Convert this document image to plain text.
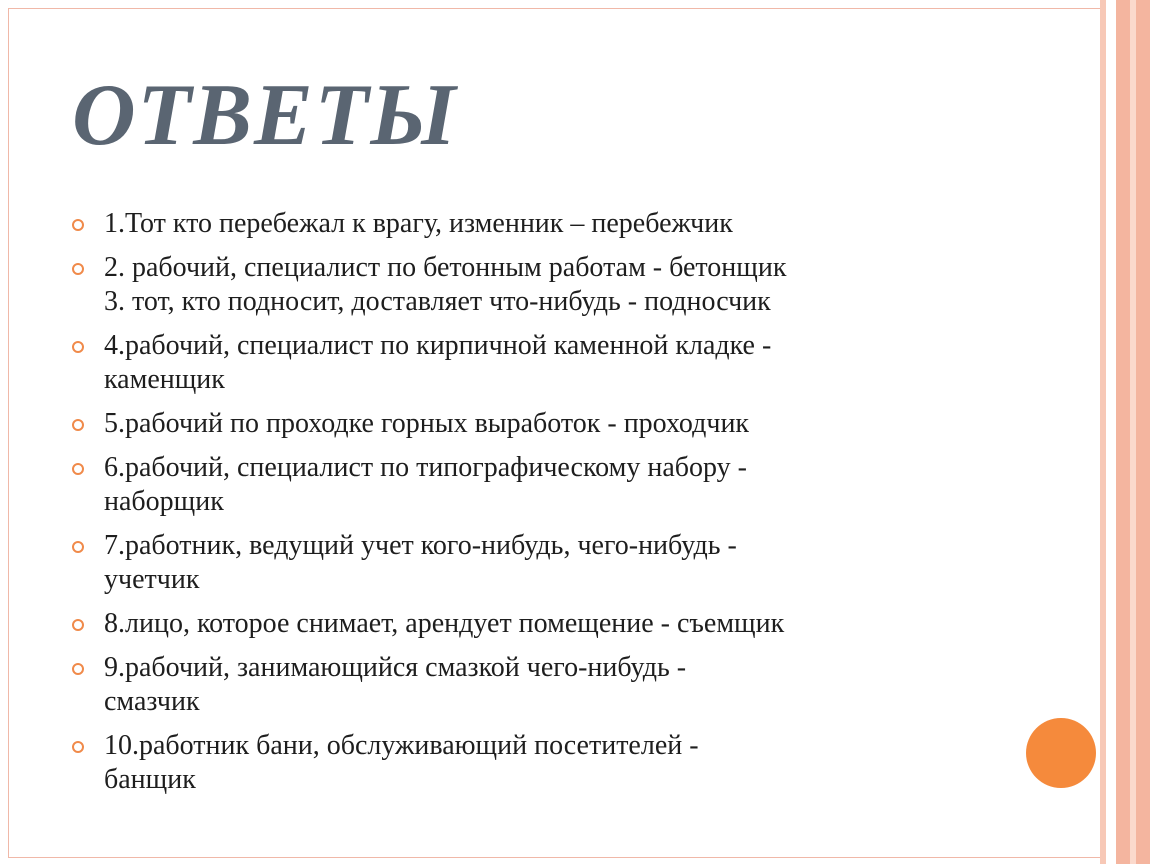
ОТВЕТЫ
1.Тот кто перебежал к врагу, изменник – перебежчик
2. рабочий, специалист по бетонным работам - бетонщик
3. тот, кто подносит, доставляет что-нибудь - подносчик
4.рабочий, специалист по кирпичной каменной кладке -
каменщик
5.рабочий по проходке горных выработок - проходчик
6.рабочий, специалист по типографическому набору -
наборщик
7.работник, ведущий учет кого-нибудь, чего-нибудь -
учетчик
8.лицо, которое снимает, арендует помещение - съемщик
9.рабочий, занимающийся смазкой чего-нибудь -
смазчик
10.работник бани, обслуживающий посетителей -
банщик
